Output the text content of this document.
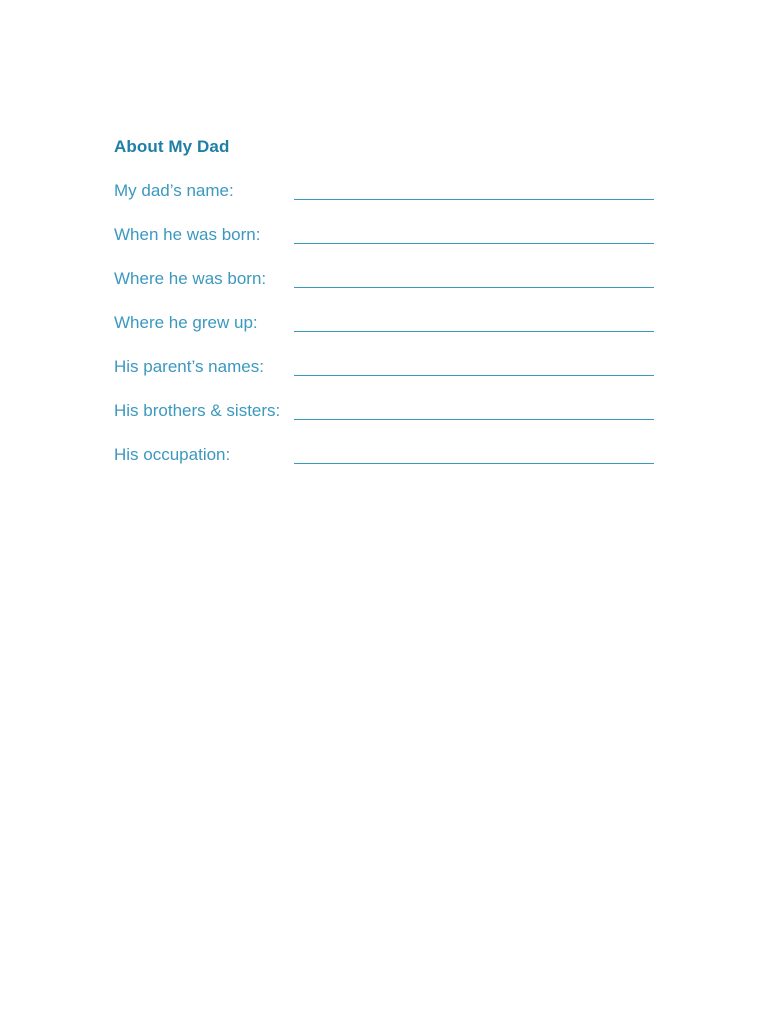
About My Dad
My dad’s name:
When he was born:
Where he was born:
Where he grew up:
His parent’s names:
His brothers & sisters:
His occupation:
